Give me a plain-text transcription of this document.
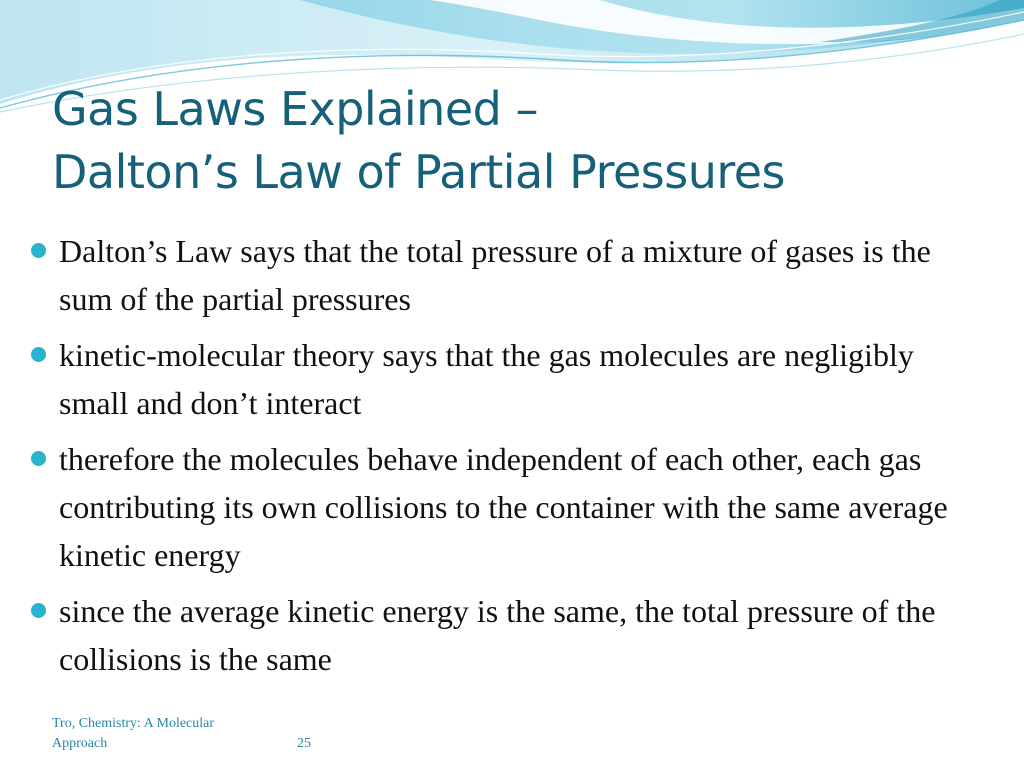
Gas Laws Explained –
Dalton’s Law of Partial Pressures
Dalton’s Law says that the total pressure of a mixture of gases is the sum of the partial pressures
kinetic-molecular theory says that the gas molecules are negligibly small and don’t interact
therefore the molecules behave independent of each other, each gas contributing its own collisions to the container with the same average kinetic energy
since the average kinetic energy is the same, the total pressure of the collisions is the same
Tro, Chemistry: A Molecular Approach	25
